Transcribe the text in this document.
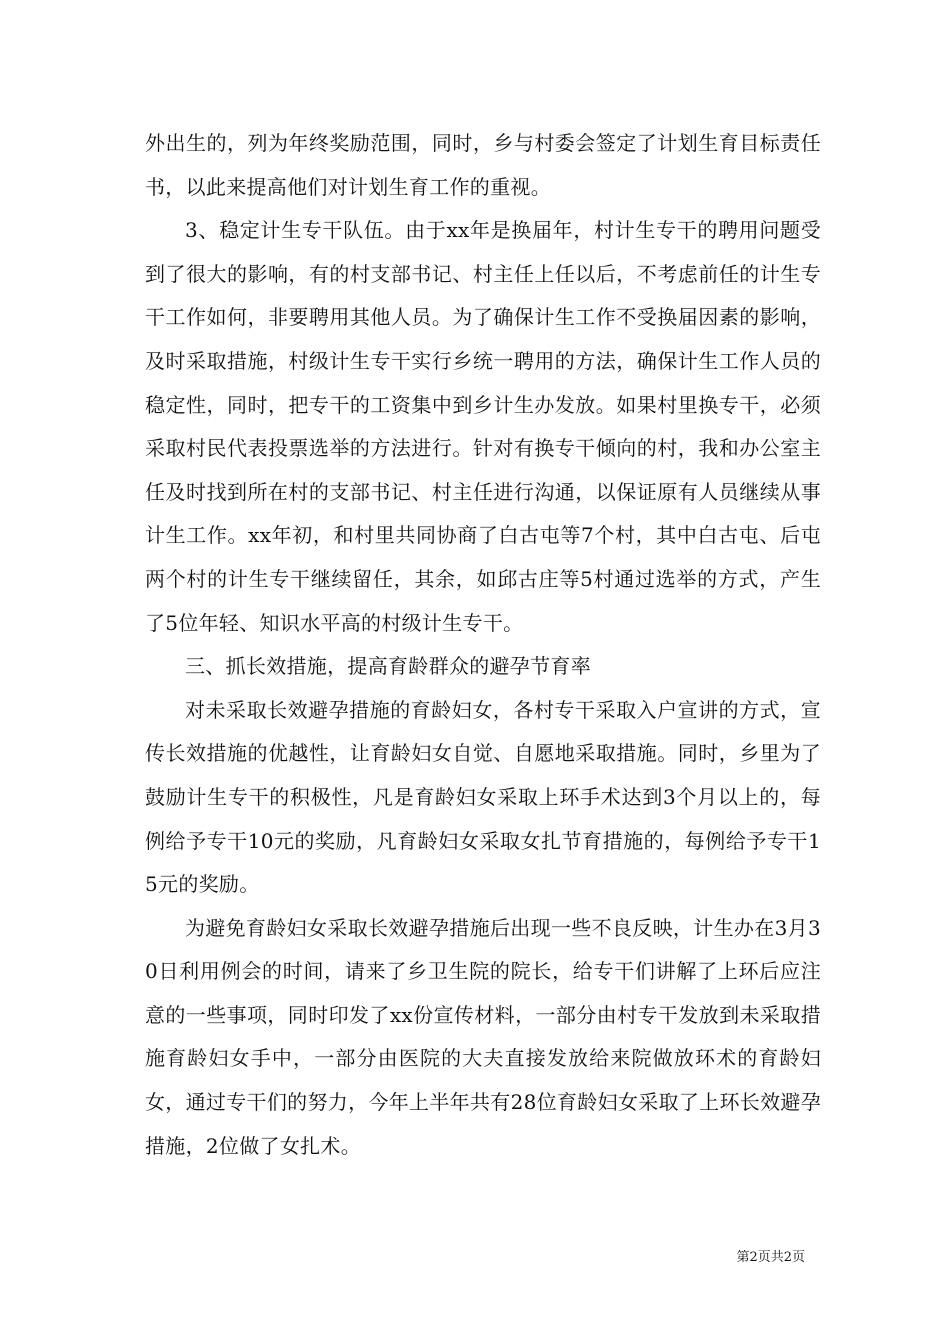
外出生的，列为年终奖励范围，同时，乡与村委会签定了计划生育目标责任书，以此来提高他们对计划生育工作的重视。

3、稳定计生专干队伍。由于xx年是换届年，村计生专干的聘用问题受到了很大的影响，有的村支部书记、村主任上任以后，不考虑前任的计生专干工作如何，非要聘用其他人员。为了确保计生工作不受换届因素的影响，及时采取措施，村级计生专干实行乡统一聘用的方法，确保计生工作人员的稳定性，同时，把专干的工资集中到乡计生办发放。如果村里换专干，必须采取村民代表投票选举的方法进行。针对有换专干倾向的村，我和办公室主任及时找到所在村的支部书记、村主任进行沟通，以保证原有人员继续从事计生工作。xx年初，和村里共同协商了白古屯等7个村，其中白古屯、后屯两个村的计生专干继续留任，其余，如邱古庄等5村通过选举的方式，产生了5位年轻、知识水平高的村级计生专干。

三、抓长效措施，提高育龄群众的避孕节育率

对未采取长效避孕措施的育龄妇女，各村专干采取入户宣讲的方式，宣传长效措施的优越性，让育龄妇女自觉、自愿地采取措施。同时，乡里为了鼓励计生专干的积极性，凡是育龄妇女采取上环手术达到3个月以上的，每例给予专干10元的奖励，凡育龄妇女采取女扎节育措施的，每例给予专干15元的奖励。

为避免育龄妇女采取长效避孕措施后出现一些不良反映，计生办在3月30日利用例会的时间，请来了乡卫生院的院长，给专干们讲解了上环后应注意的一些事项，同时印发了xx份宣传材料，一部分由村专干发放到未采取措施育龄妇女手中，一部分由医院的大夫直接发放给来院做放环术的育龄妇女，通过专干们的努力，今年上半年共有28位育龄妇女采取了上环长效避孕措施，2位做了女扎术。

第2页共2页
